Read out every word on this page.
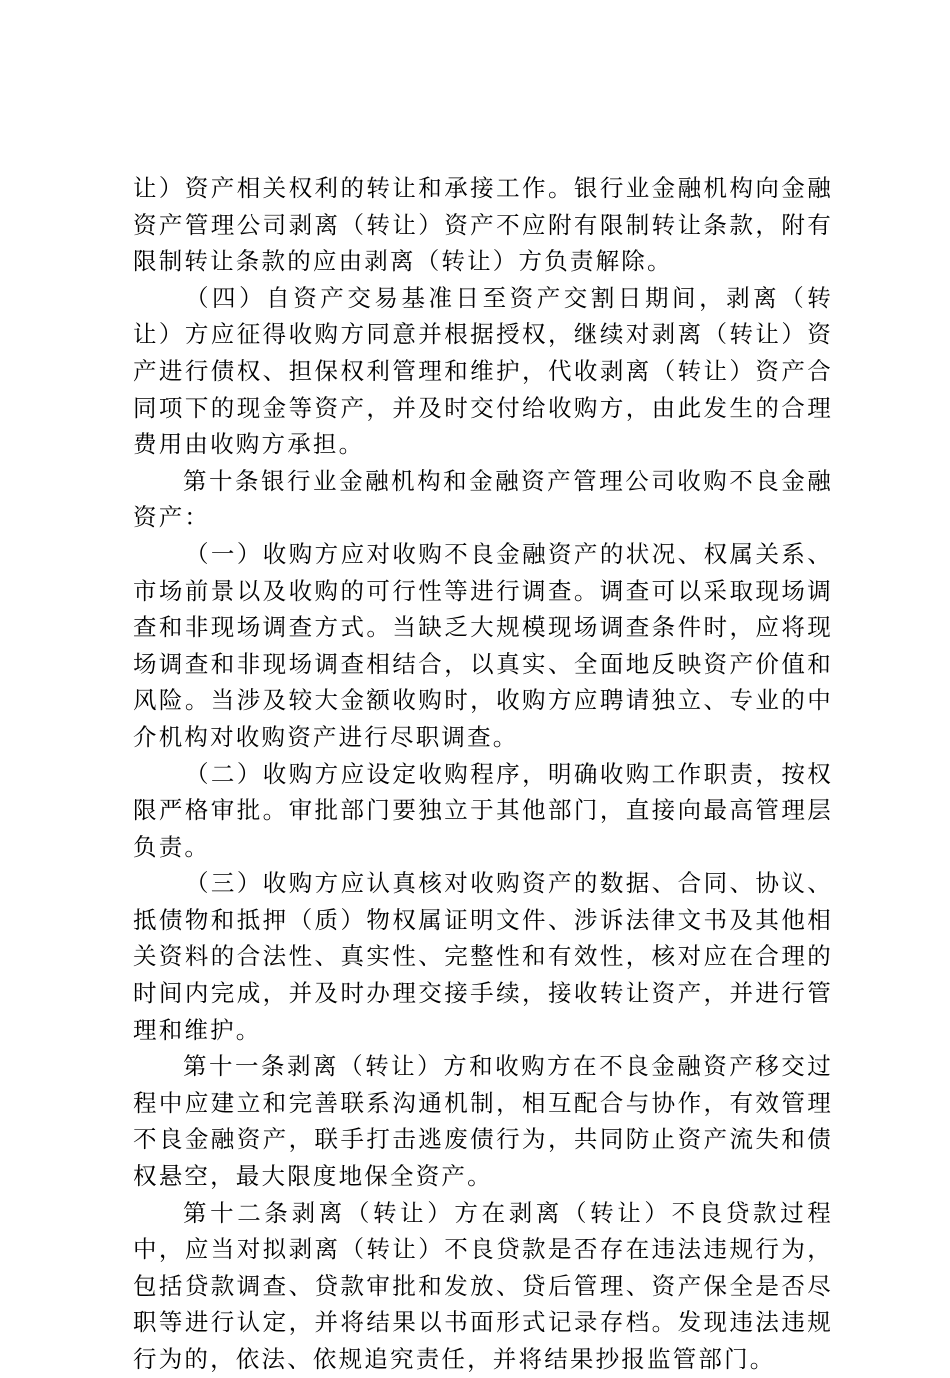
让）资产相关权利的转让和承接工作。银行业金融机构向金融资产管理公司剥离（转让）资产不应附有限制转让条款，附有限制转让条款的应由剥离（转让）方负责解除。

（四）自资产交易基准日至资产交割日期间，剥离（转让）方应征得收购方同意并根据授权，继续对剥离（转让）资产进行债权、担保权利管理和维护，代收剥离（转让）资产合同项下的现金等资产，并及时交付给收购方，由此发生的合理费用由收购方承担。

第十条银行业金融机构和金融资产管理公司收购不良金融资产：

（一）收购方应对收购不良金融资产的状况、权属关系、市场前景以及收购的可行性等进行调查。调查可以采取现场调查和非现场调查方式。当缺乏大规模现场调查条件时，应将现场调查和非现场调查相结合，以真实、全面地反映资产价值和风险。当涉及较大金额收购时，收购方应聘请独立、专业的中介机构对收购资产进行尽职调查。

（二）收购方应设定收购程序，明确收购工作职责，按权限严格审批。审批部门要独立于其他部门，直接向最高管理层负责。

（三）收购方应认真核对收购资产的数据、合同、协议、抵债物和抵押（质）物权属证明文件、涉诉法律文书及其他相关资料的合法性、真实性、完整性和有效性，核对应在合理的时间内完成，并及时办理交接手续，接收转让资产，并进行管理和维护。

第十一条剥离（转让）方和收购方在不良金融资产移交过程中应建立和完善联系沟通机制，相互配合与协作，有效管理不良金融资产，联手打击逃废债行为，共同防止资产流失和债权悬空，最大限度地保全资产。

第十二条剥离（转让）方在剥离（转让）不良贷款过程中，应当对拟剥离（转让）不良贷款是否存在违法违规行为，包括贷款调查、贷款审批和发放、贷后管理、资产保全是否尽职等进行认定，并将结果以书面形式记录存档。发现违法违规行为的，依法、依规追究责任，并将结果抄报监管部门。
